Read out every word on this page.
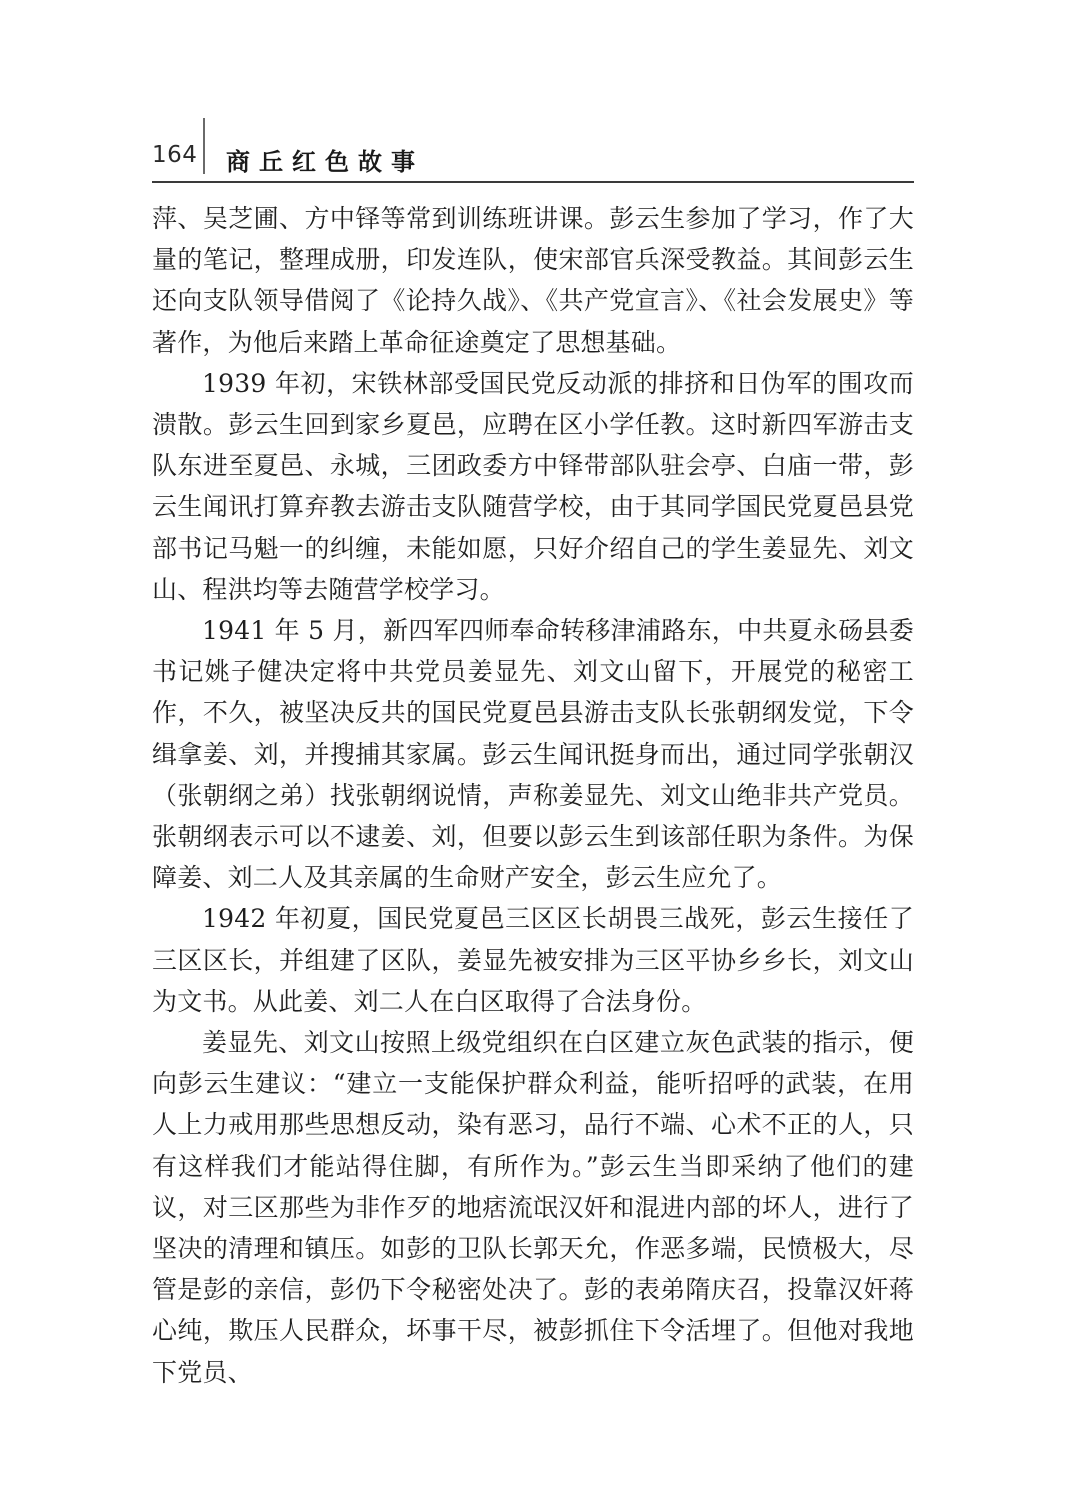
164 商丘红色故事

萍、吴芝圃、方中铎等常到训练班讲课。彭云生参加了学习，作了大量的笔记，整理成册，印发连队，使宋部官兵深受教益。其间彭云生还向支队领导借阅了《论持久战》、《共产党宣言》、《社会发展史》等著作，为他后来踏上革命征途奠定了思想基础。

1939 年初，宋铁林部受国民党反动派的排挤和日伪军的围攻而溃散。彭云生回到家乡夏邑，应聘在区小学任教。这时新四军游击支队东进至夏邑、永城，三团政委方中铎带部队驻会亭、白庙一带，彭云生闻讯打算弃教去游击支队随营学校，由于其同学国民党夏邑县党部书记马魁一的纠缠，未能如愿，只好介绍自己的学生姜显先、刘文山、程洪均等去随营学校学习。

1941 年 5 月，新四军四师奉命转移津浦路东，中共夏永砀县委书记姚子健决定将中共党员姜显先、刘文山留下，开展党的秘密工作，不久，被坚决反共的国民党夏邑县游击支队长张朝纲发觉，下令缉拿姜、刘，并搜捕其家属。彭云生闻讯挺身而出，通过同学张朝汉（张朝纲之弟）找张朝纲说情，声称姜显先、刘文山绝非共产党员。张朝纲表示可以不逮姜、刘，但要以彭云生到该部任职为条件。为保障姜、刘二人及其亲属的生命财产安全，彭云生应允了。

1942 年初夏，国民党夏邑三区区长胡畏三战死，彭云生接任了三区区长，并组建了区队，姜显先被安排为三区平协乡乡长，刘文山为文书。从此姜、刘二人在白区取得了合法身份。

姜显先、刘文山按照上级党组织在白区建立灰色武装的指示，便向彭云生建议：“建立一支能保护群众利益，能听招呼的武装，在用人上力戒用那些思想反动，染有恶习，品行不端、心术不正的人，只有这样我们才能站得住脚，有所作为。”彭云生当即采纳了他们的建议，对三区那些为非作歹的地痞流氓汉奸和混进内部的坏人，进行了坚决的清理和镇压。如彭的卫队长郭天允，作恶多端，民愤极大，尽管是彭的亲信，彭仍下令秘密处决了。彭的表弟隋庆召，投靠汉奸蒋心纯，欺压人民群众，坏事干尽，被彭抓住下令活埋了。但他对我地下党员、
